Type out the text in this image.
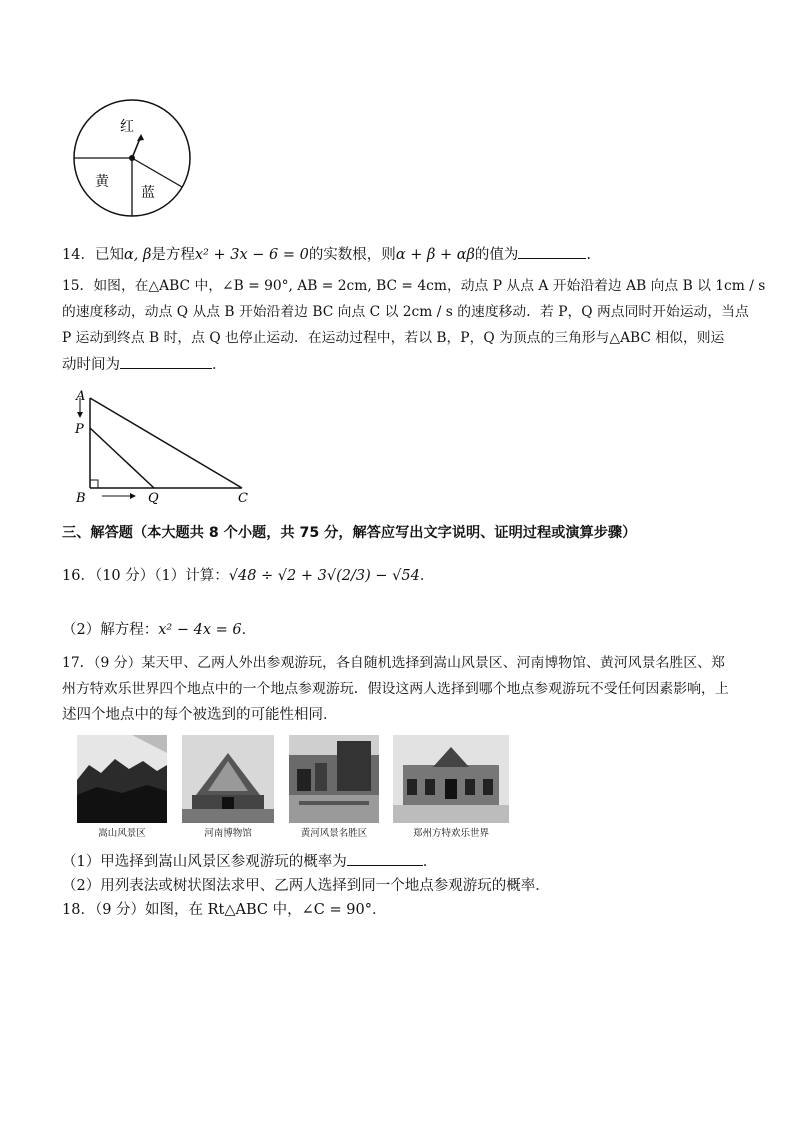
红
黄
蓝
14．已知α, β是方程x² + 3x − 6 = 0的实数根，则α + β + αβ的值为	.
15．如图，在△ABC 中，∠B = 90°, AB = 2cm, BC = 4cm，动点 P 从点 A 开始沿着边 AB 向点 B 以 1cm / s
的速度移动，动点 Q 从点 B 开始沿着边 BC 向点 C 以 2cm / s 的速度移动．若 P，Q 两点同时开始运动，当点
P 运动到终点 B 时，点 Q 也停止运动．在运动过程中，若以 B，P，Q 为顶点的三角形与△ABC 相似，则运
动时间为	．
A
P
B	Q	C
三、解答题（本大题共 8 个小题，共 75 分，解答应写出文字说明、证明过程或演算步骤）
16．（10 分）（1）计算：√48 ÷ √2 + 3√(2/3) − √54．
（2）解方程：x² − 4x = 6．
17．（9 分）某天甲、乙两人外出参观游玩，各自随机选择到嵩山风景区、河南博物馆、黄河风景名胜区、郑
州方特欢乐世界四个地点中的一个地点参观游玩．假设这两人选择到哪个地点参观游玩不受任何因素影响，上
述四个地点中的每个被选到的可能性相同．
嵩山风景区	河南博物馆	黄河风景名胜区	郑州方特欢乐世界
（1）甲选择到嵩山风景区参观游玩的概率为	．
（2）用列表法或树状图法求甲、乙两人选择到同一个地点参观游玩的概率．
18．（9 分）如图，在 Rt△ABC 中，∠C = 90°．
